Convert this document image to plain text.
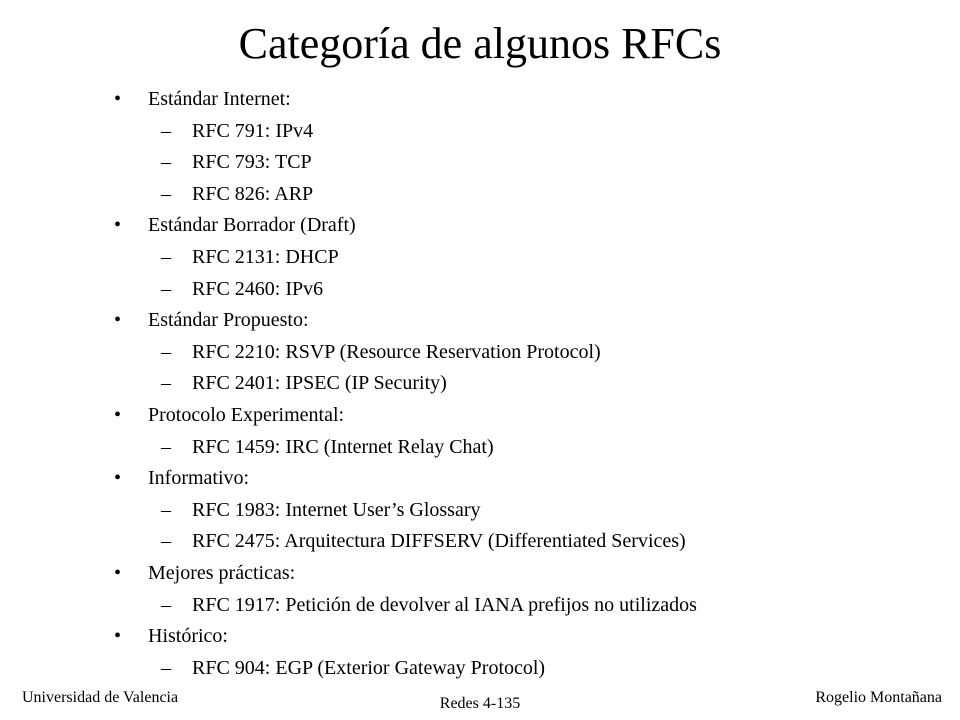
Categoría de algunos RFCs
• Estándar Internet:
– RFC 791: IPv4
– RFC 793: TCP
– RFC 826: ARP
• Estándar Borrador (Draft)
– RFC 2131: DHCP
– RFC 2460: IPv6
• Estándar Propuesto:
– RFC 2210: RSVP (Resource Reservation Protocol)
– RFC 2401: IPSEC (IP Security)
• Protocolo Experimental:
– RFC 1459: IRC (Internet Relay Chat)
• Informativo:
– RFC 1983: Internet User’s Glossary
– RFC 2475: Arquitectura DIFFSERV (Differentiated Services)
• Mejores prácticas:
– RFC 1917: Petición de devolver al IANA prefijos no utilizados
• Histórico:
– RFC 904: EGP (Exterior Gateway Protocol)
Universidad de Valencia	Redes 4-135	Rogelio Montañana
